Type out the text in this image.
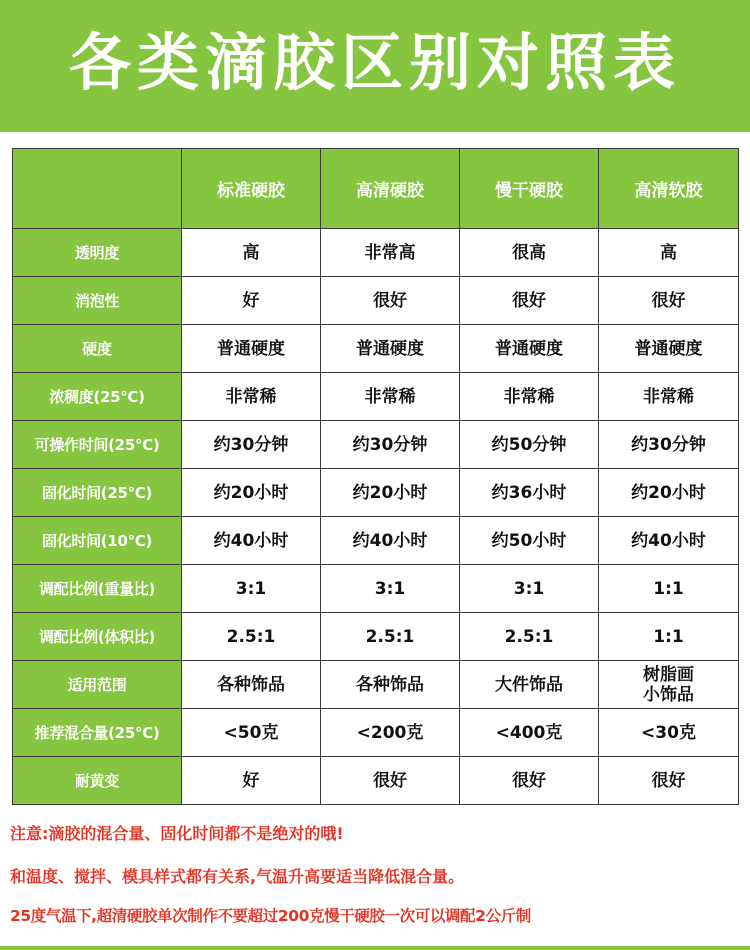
各类滴胶区别对照表
	标准硬胶	高清硬胶	慢干硬胶	高清软胶
透明度	高	非常高	很高	高
消泡性	好	很好	很好	很好
硬度	普通硬度	普通硬度	普通硬度	普通硬度
浓稠度(25℃)	非常稀	非常稀	非常稀	非常稀
可操作时间(25℃)	约30分钟	约30分钟	约50分钟	约30分钟
固化时间(25℃)	约20小时	约20小时	约36小时	约20小时
固化时间(10℃)	约40小时	约40小时	约50小时	约40小时
调配比例(重量比)	3:1	3:1	3:1	1:1
调配比例(体积比)	2.5:1	2.5:1	2.5:1	1:1
适用范围	各种饰品	各种饰品	大件饰品	树脂画
小饰品
推荐混合量(25℃)	<50克	<200克	<400克	<30克
耐黄变	好	很好	很好	很好
注意:滴胶的混合量、固化时间都不是绝对的哦!
和温度、搅拌、模具样式都有关系,气温升高要适当降低混合量。
25度气温下,超清硬胶单次制作不要超过200克慢干硬胶一次可以调配2公斤制
